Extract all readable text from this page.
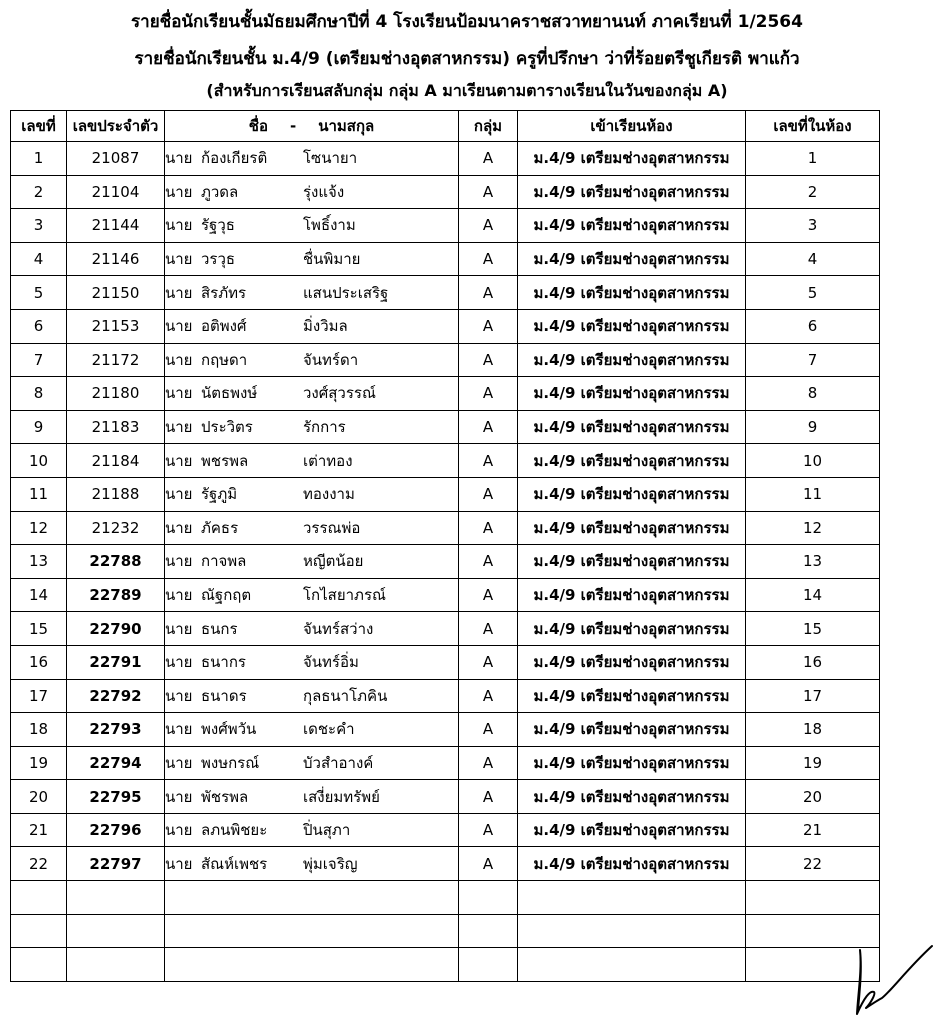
รายชื่อนักเรียนชั้นมัธยมศึกษาปีที่ 4 โรงเรียนป้อมนาคราชสวาทยานนท์ ภาคเรียนที่ 1/2564
รายชื่อนักเรียนชั้น ม.4/9 (เตรียมช่างอุตสาหกรรม) ครูที่ปรึกษา ว่าที่ร้อยตรีชูเกียรติ พาแก้ว
(สำหรับการเรียนสลับกลุ่ม กลุ่ม A มาเรียนตามตารางเรียนในวันของกลุ่ม A)
เลขที่	เลขประจำตัว	ชื่อ - นามสกุล	กลุ่ม	เข้าเรียนห้อง	เลขที่ในห้อง
1	21087	นาย ก้องเกียรติ โซนายา	A	ม.4/9 เตรียมช่างอุตสาหกรรม	1
2	21104	นาย ภูวดล รุ่งแจ้ง	A	ม.4/9 เตรียมช่างอุตสาหกรรม	2
3	21144	นาย รัฐวุธ โพธิ์งาม	A	ม.4/9 เตรียมช่างอุตสาหกรรม	3
4	21146	นาย วรวุธ ชื่นพิมาย	A	ม.4/9 เตรียมช่างอุตสาหกรรม	4
5	21150	นาย สิรภัทร แสนประเสริฐ	A	ม.4/9 เตรียมช่างอุตสาหกรรม	5
6	21153	นาย อติพงศ์ มิ่งวิมล	A	ม.4/9 เตรียมช่างอุตสาหกรรม	6
7	21172	นาย กฤษดา จันทร์ดา	A	ม.4/9 เตรียมช่างอุตสาหกรรม	7
8	21180	นาย นัตธพงษ์ วงศ์สุวรรณ์	A	ม.4/9 เตรียมช่างอุตสาหกรรม	8
9	21183	นาย ประวิตร รักการ	A	ม.4/9 เตรียมช่างอุตสาหกรรม	9
10	21184	นาย พชรพล เต่าทอง	A	ม.4/9 เตรียมช่างอุตสาหกรรม	10
11	21188	นาย รัฐภูมิ ทองงาม	A	ม.4/9 เตรียมช่างอุตสาหกรรม	11
12	21232	นาย ภัคธร วรรณพ่อ	A	ม.4/9 เตรียมช่างอุตสาหกรรม	12
13	22788	นาย กาจพล หญีตน้อย	A	ม.4/9 เตรียมช่างอุตสาหกรรม	13
14	22789	นาย ณัฐกฤต โกไสยาภรณ์	A	ม.4/9 เตรียมช่างอุตสาหกรรม	14
15	22790	นาย ธนกร จันทร์สว่าง	A	ม.4/9 เตรียมช่างอุตสาหกรรม	15
16	22791	นาย ธนากร จันทร์อิ่ม	A	ม.4/9 เตรียมช่างอุตสาหกรรม	16
17	22792	นาย ธนาดร กุลธนาโภคิน	A	ม.4/9 เตรียมช่างอุตสาหกรรม	17
18	22793	นาย พงศ์พวัน เดชะคำ	A	ม.4/9 เตรียมช่างอุตสาหกรรม	18
19	22794	นาย พงษกรณ์ บัวสำอางค์	A	ม.4/9 เตรียมช่างอุตสาหกรรม	19
20	22795	นาย พัชรพล เสงี่ยมทรัพย์	A	ม.4/9 เตรียมช่างอุตสาหกรรม	20
21	22796	นาย ลภนพิชยะ ปิ่นสุภา	A	ม.4/9 เตรียมช่างอุตสาหกรรม	21
22	22797	นาย สัณห์เพชร พุ่มเจริญ	A	ม.4/9 เตรียมช่างอุตสาหกรรม	22
